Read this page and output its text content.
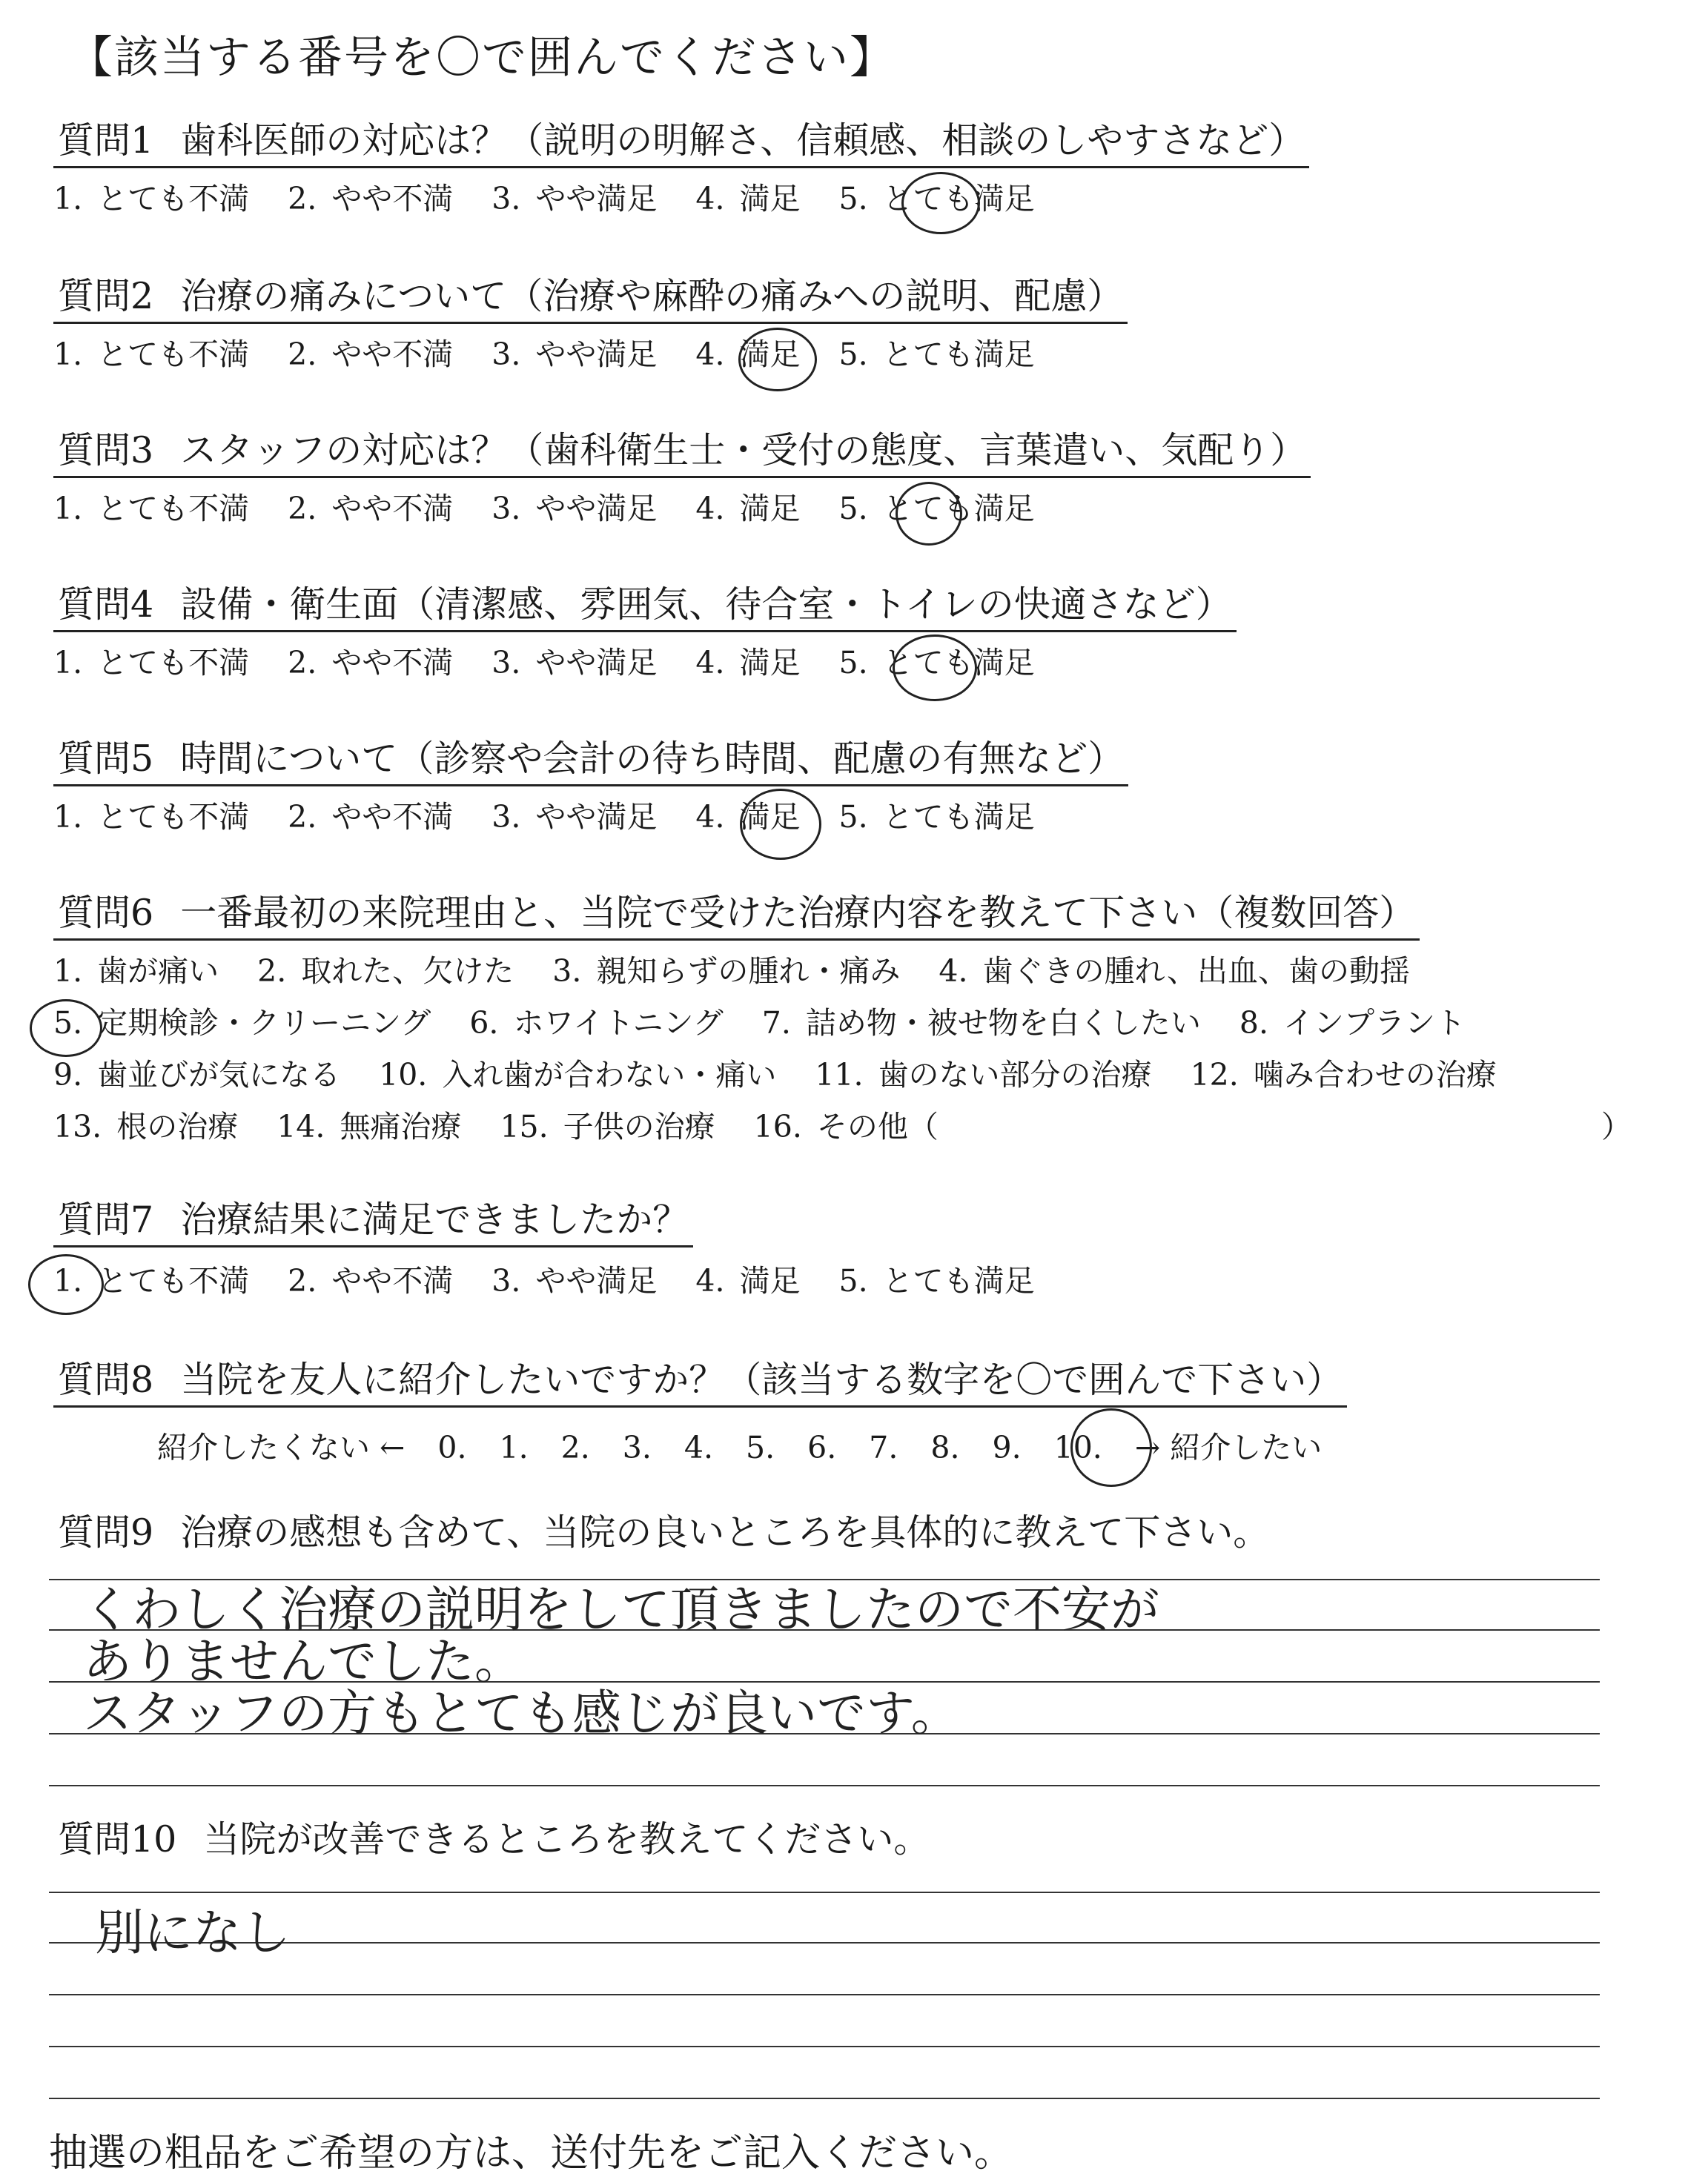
【該当する番号を〇で囲んでください】
質問1 歯科医師の対応は？（説明の明解さ、信頼感、相談のしやすさなど）
1. とても不満 2. やや不満 3. やや満足 4. 満足 5. とても満足
質問2 治療の痛みについて（治療や麻酔の痛みへの説明、配慮）
1. とても不満 2. やや不満 3. やや満足 4. 満足 5. とても満足
質問3 スタッフの対応は？（歯科衛生士・受付の態度、言葉遣い、気配り）
1. とても不満 2. やや不満 3. やや満足 4. 満足 5. とても満足
質問4 設備・衛生面（清潔感、雰囲気、待合室・トイレの快適さなど）
1. とても不満 2. やや不満 3. やや満足 4. 満足 5. とても満足
質問5 時間について（診察や会計の待ち時間、配慮の有無など）
1. とても不満 2. やや不満 3. やや満足 4. 満足 5. とても満足
質問6 一番最初の来院理由と、当院で受けた治療内容を教えて下さい（複数回答）
1. 歯が痛い 2. 取れた、欠けた 3. 親知らずの腫れ・痛み 4. 歯ぐきの腫れ、出血、歯の動揺
5. 定期検診・クリーニング 6. ホワイトニング 7. 詰め物・被せ物を白くしたい 8. インプラント
9. 歯並びが気になる 10. 入れ歯が合わない・痛い 11. 歯のない部分の治療 12. 噛み合わせの治療
13. 根の治療 14. 無痛治療 15. 子供の治療 16. その他（	）
質問7 治療結果に満足できましたか？
1. とても不満 2. やや不満 3. やや満足 4. 満足 5. とても満足
質問8 当院を友人に紹介したいですか？（該当する数字を〇で囲んで下さい）
紹介したくない ← 0. 1. 2. 3. 4. 5. 6. 7. 8. 9. 10. → 紹介したい
質問9 治療の感想も含めて、当院の良いところを具体的に教えて下さい。
くわしく治療の説明をして頂きましたので不安が
ありませんでした。
スタッフの方もとても感じが良いです。
質問10 当院が改善できるところを教えてください。
別になし
抽選の粗品をご希望の方は、送付先をご記入ください。
